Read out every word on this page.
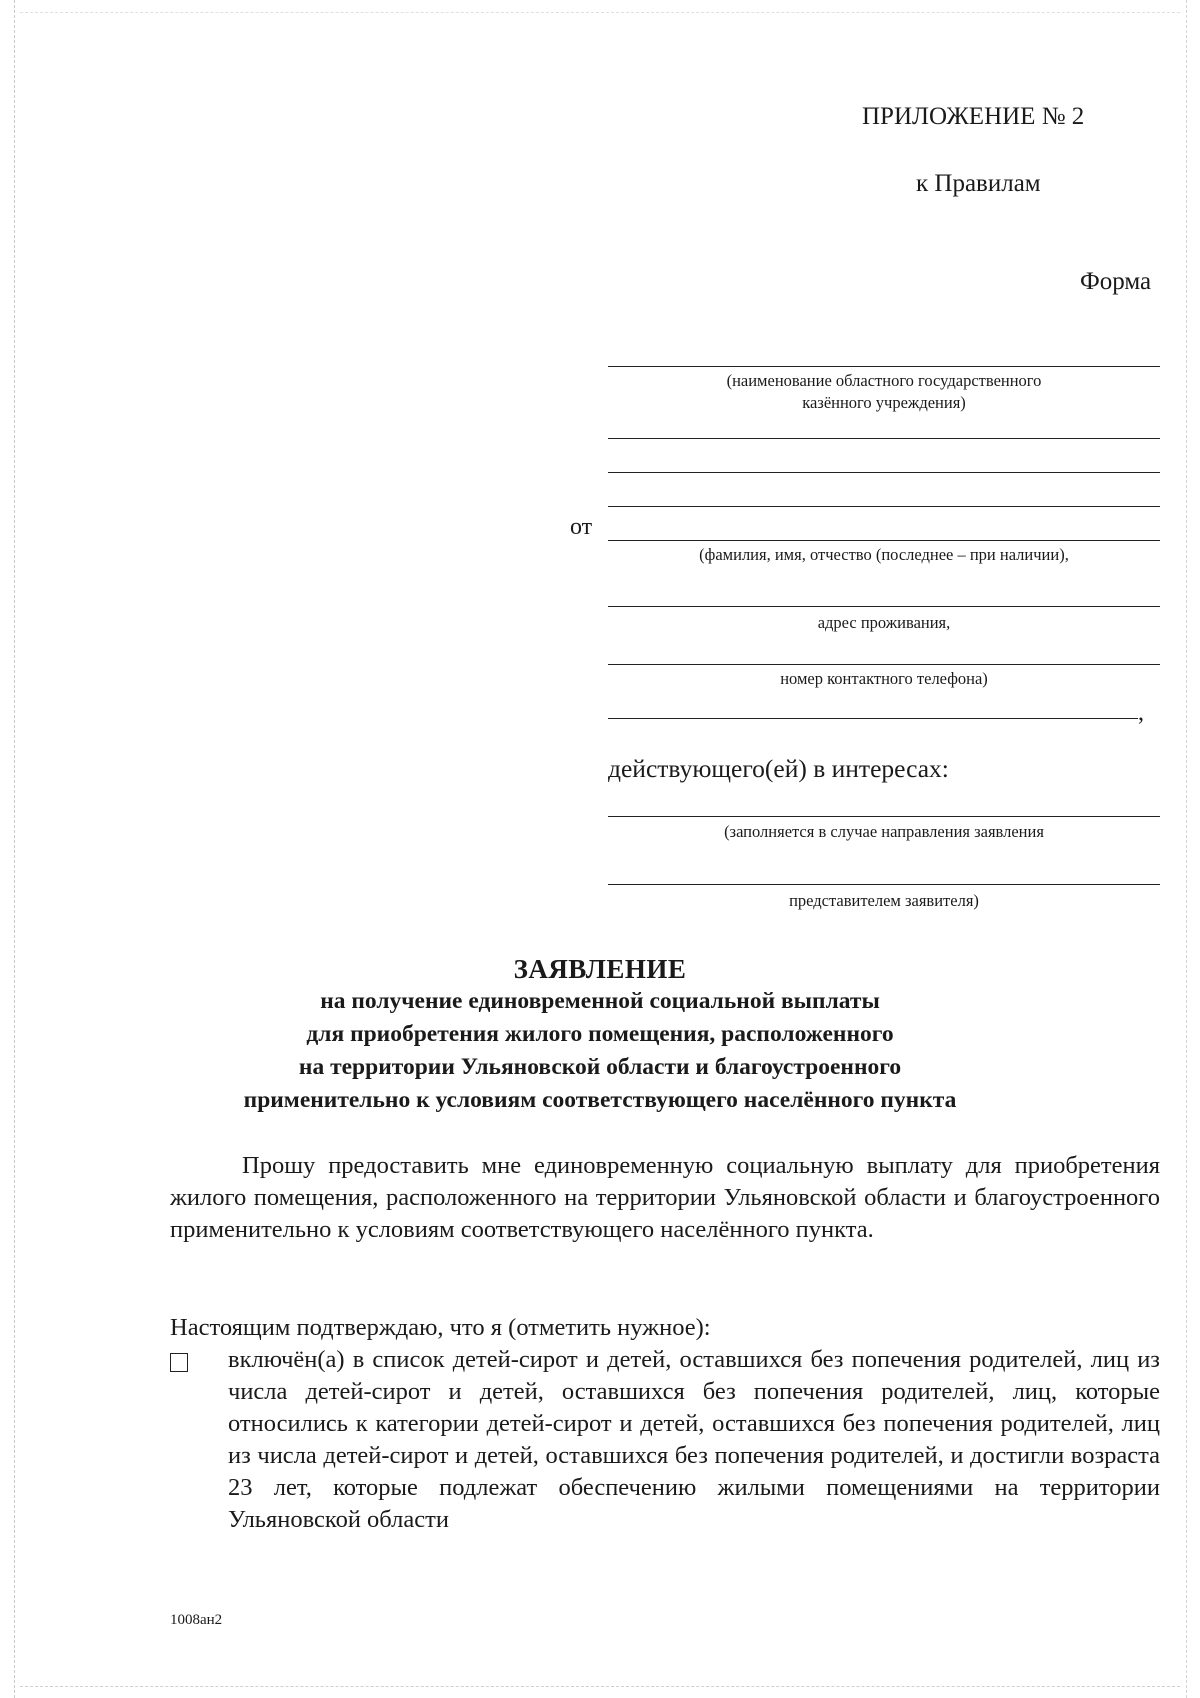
ПРИЛОЖЕНИЕ № 2
к Правилам
Форма
(наименование областного государственного
казённого учреждения)
от
(фамилия, имя, отчество (последнее – при наличии),
адрес проживания,
номер контактного телефона)
,
действующего(ей) в интересах:
(заполняется в случае направления заявления
представителем заявителя)
ЗАЯВЛЕНИЕ
на получение единовременной социальной выплаты
для приобретения жилого помещения, расположенного
на территории Ульяновской области и благоустроенного
применительно к условиям соответствующего населённого пункта
Прошу предоставить мне единовременную социальную выплату для приобретения жилого помещения, расположенного на территории Ульяновской области и благоустроенного применительно к условиям соответствующего населённого пункта.
Настоящим подтверждаю, что я (отметить нужное):
включён(а) в список детей-сирот и детей, оставшихся без попечения родителей, лиц из числа детей-сирот и детей, оставшихся без попечения родителей, лиц, которые относились к категории детей-сирот и детей, оставшихся без попечения родителей, лиц из числа детей-сирот и детей, оставшихся без попечения родителей, и достигли возраста 23 лет, которые подлежат обеспечению жилыми помещениями на территории Ульяновской области
1008ан2
